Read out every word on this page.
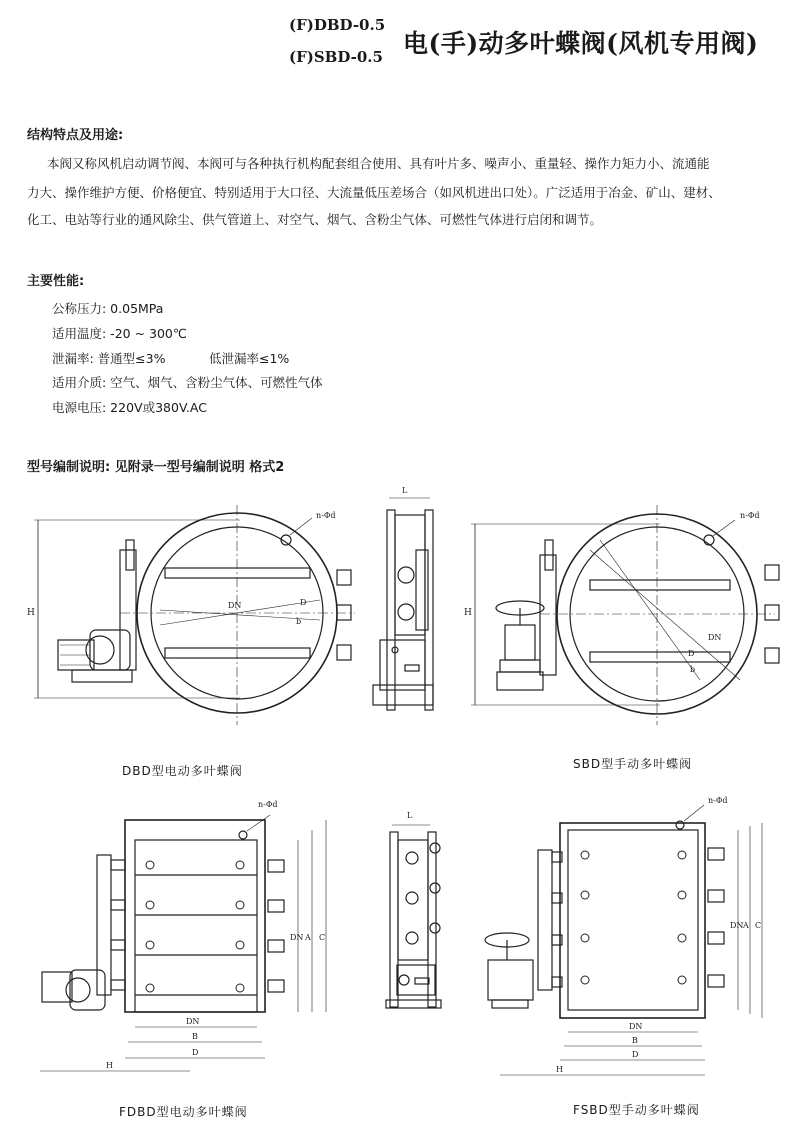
(F)DBD-0.5
(F)SBD-0.5 电(手)动多叶蝶阀(风机专用阀)
结构特点及用途:
本阀又称风机启动调节阀、本阀可与各种执行机构配套组合使用、具有叶片多、噪声小、重量轻、操作力矩力小、流通能
力大、操作维护方便、价格便宜、特别适用于大口径、大流量低压差场合（如风机进出口处）。广泛适用于冶金、矿山、建材、
化工、电站等行业的通风除尘、供气管道上、对空气、烟气、含粉尘气体、可燃性气体进行启闭和调节。
主要性能:
公称压力: 0.05MPa
适用温度: -20 ~ 300℃
泄漏率: 普通型≤3%	低泄漏率≤1%
适用介质: 空气、烟气、含粉尘气体、可燃性气体
电源电压: 220V或380V.AC
型号编制说明: 见附录一型号编制说明 格式2
H
DN	D
b
n-Φd
L
H
DN
D
b
n-Φd
n-Φd
DN A C
DN
B
D
H
L
n-Φd
DN A C
DN
B
D
H
DBD型电动多叶蝶阀	SBD型手动多叶蝶阀
FDBD型电动多叶蝶阀	FSBD型手动多叶蝶阀
